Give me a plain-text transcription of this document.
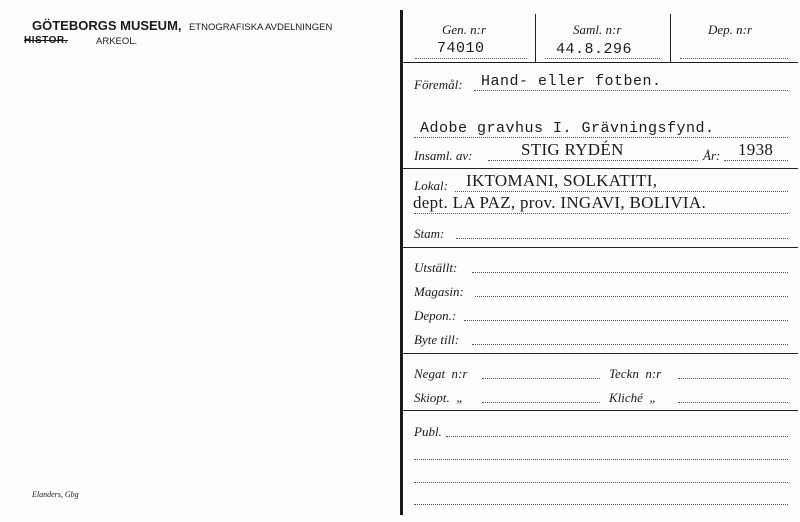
GÖTEBORGS MUSEUM, ETNOGRAFISKA AVDELNINGEN
HISTOR.	ARKEOL.
Elanders, Gbg
Gen. n:r
74010
Saml. n:r
44.8.296
Dep. n:r
Föremål: Hand- eller fotben.
Adobe gravhus I. Grävningsfynd.
Insaml. av:	STIG RYDÉN	År: 1938
Lokal: IKTOMANI, SOLKATITI,
dept. LA PAZ, prov. INGAVI, BOLIVIA.
Stam:
Utställt:
Magasin:
Depon.:
Byte till:
Negat  n:r	Teckn  n:r
Skiopt.  „	Kliché  „
Publ.
